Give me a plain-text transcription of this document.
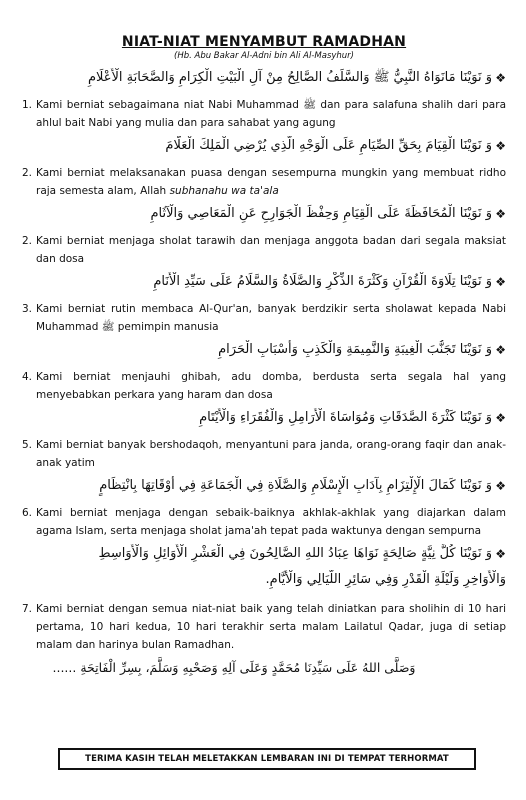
NIAT-NIAT MENYAMBUT RAMADHAN
(Hb. Abu Bakar Al-Adni bin Ali Al-Masyhur)
❖
وَ نَوَيْنَا مَانَوَاهُ النَّبِيُّ ﷺ وَالسَّلَفُ الصَّالِحُ مِنْ آلِ الْبَيْتِ الْكِرَامِ وَالصَّحَابَةِ الْأَعْلَامِ
1. Kami berniat sebagaimana niat Nabi Muhammad ﷺ dan para salafuna shalih dari para ahlul bait Nabi yang mulia dan para sahabat yang agung
❖
وَ نَوَيْنَا الْقِيَامَ بِحَقِّ الصِّيَامِ عَلَى الْوَجْهِ الَّذِي يُرْضِي الْمَلِكَ الْعَلَّامَ
2. Kami berniat melaksanakan puasa dengan sesempurna mungkin yang membuat ridho raja semesta alam, Allah subhanahu wa ta'ala
❖
وَ نَوَيْنَا الْمُحَافَظَةَ عَلَى الْقِيَامِ وَحِفْظَ الْجَوَارِحِ عَنِ الْمَعَاصِي وَالْآثَامِ
2. Kami berniat menjaga sholat tarawih dan menjaga anggota badan dari segala maksiat dan dosa
❖
وَ نَوَيْنَا تِلَاوَةَ الْقُرْآنِ وَكَثْرَةَ الذِّكْرِ وَالصَّلَاةُ وَالسَّلَامُ عَلَى سَيِّدِ الْأَنَامِ
3. Kami berniat rutin membaca Al-Qur'an, banyak berdzikir serta sholawat kepada Nabi Muhammad ﷺ pemimpin manusia
❖
وَ نَوَيْنَا تَجَنُّبَ الْغِيبَةِ وَالنَّمِيمَةِ وَالْكَذِبِ وَأَسْبَابِ الْحَرَامِ
4. Kami berniat menjauhi ghibah, adu domba, berdusta serta segala hal yang menyebabkan perkara yang haram dan dosa
❖
وَ نَوَيْنَا كَثْرَةَ الصَّدَقَاتِ وَمُوَاسَاةَ الْأَرَامِلِ وَالْفُقَرَاءِ وَالْأَيْتَامِ
5. Kami berniat banyak bershodaqoh, menyantuni para janda, orang-orang faqir dan anak-anak yatim
❖
وَ نَوَيْنَا كَمَالَ الْإِلْتِزَامِ بِآدَابِ الْإِسْلَامِ وَالصَّلَاةِ فِي الْجَمَاعَةِ فِي أَوْقَاتِهَا بِانْتِظَامٍ
6. Kami berniat menjaga dengan sebaik-baiknya akhlak-akhlak yang diajarkan dalam agama Islam, serta menjaga sholat jama'ah tepat pada waktunya dengan sempurna
❖
وَ نَوَيْنَا كُلَّ نِيَّةٍ صَالِحَةٍ نَوَاهَا عِبَادُ اللهِ الصَّالِحُونَ فِي الْعَشْرِ الْأَوَائِلِ وَالْأَوَاسِطِ
وَالْأَوَاخِرِ وَلَيْلَةِ الْقَدْرِ وَفِي سَائِرِ اللَّيَالِي وَالْأَيَّامِ.
7. Kami berniat dengan semua niat-niat baik yang telah diniatkan para sholihin di 10 hari pertama, 10 hari kedua, 10 hari terakhir serta malam Lailatul Qadar, juga di setiap malam dan harinya bulan Ramadhan.
وَصَلَّى اللهُ عَلَى سَيِّدِنَا مُحَمَّدٍ وَعَلَى آلِهِ وَصَحْبِهِ وَسَلَّمَ، بِسِرِّ الْفَاتِحَةِ ......
TERIMA KASIH TELAH MELETAKKAN LEMBARAN INI DI TEMPAT TERHORMAT
